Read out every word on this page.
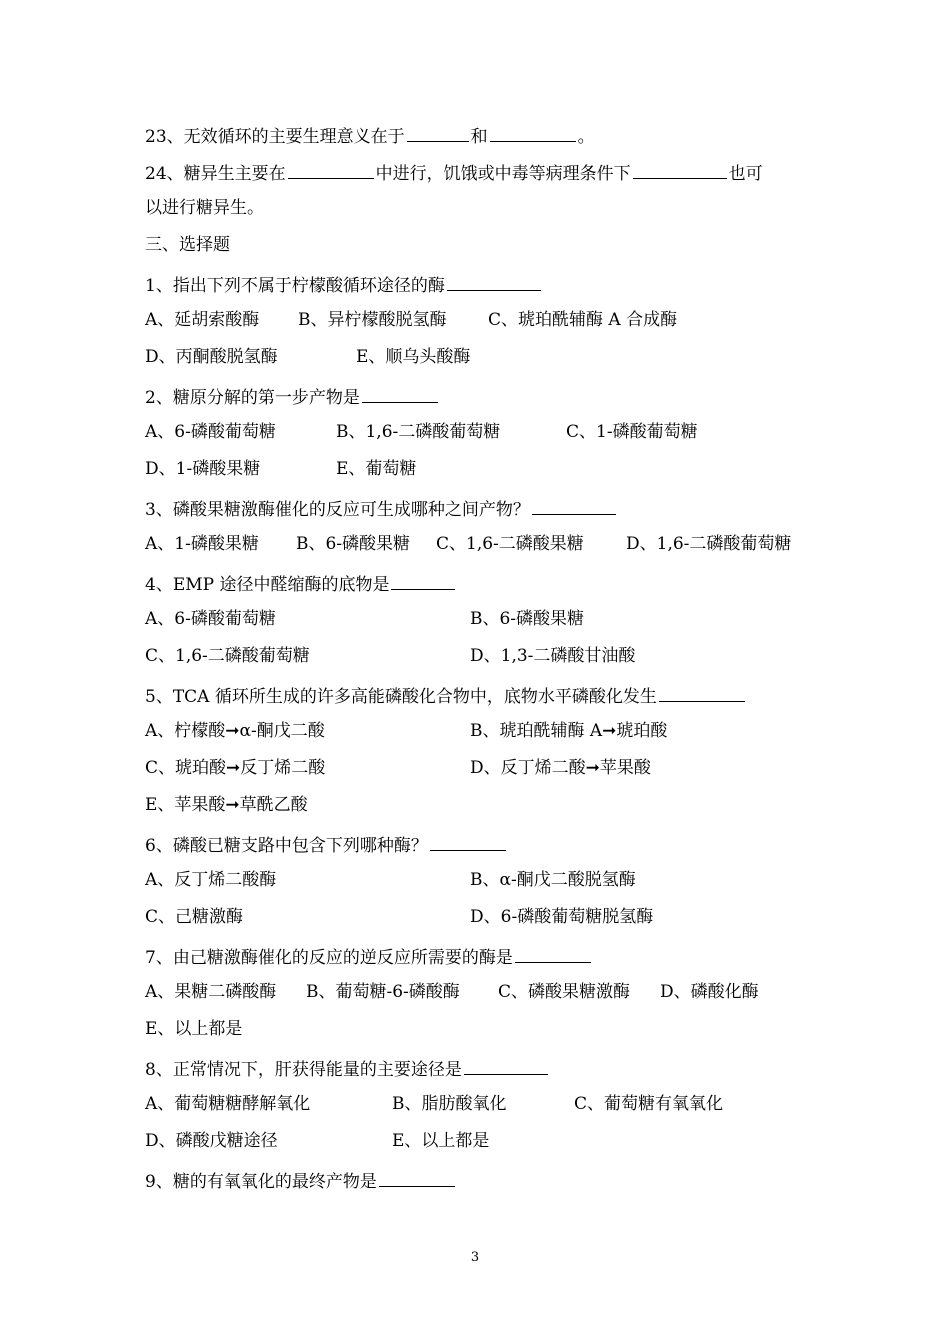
23、无效循环的主要生理意义在于	和	。
24、糖异生主要在	中进行，饥饿或中毒等病理条件下	也可
以进行糖异生。
三、选择题
1、指出下列不属于柠檬酸循环途径的酶
A、延胡索酸酶 B、异柠檬酸脱氢酶 C、琥珀酰辅酶 A 合成酶
D、丙酮酸脱氢酶	E、顺乌头酸酶
2、糖原分解的第一步产物是
A、6-磷酸葡萄糖	B、1,6-二磷酸葡萄糖	C、1-磷酸葡萄糖
D、1-磷酸果糖	E、葡萄糖
3、磷酸果糖激酶催化的反应可生成哪种之间产物？
A、1-磷酸果糖 B、6-磷酸果糖 C、1,6-二磷酸果糖 D、1,6-二磷酸葡萄糖
4、EMP 途径中醛缩酶的底物是
A、6-磷酸葡萄糖	B、6-磷酸果糖
C、1,6-二磷酸葡萄糖	D、1,3-二磷酸甘油酸
5、TCA 循环所生成的许多高能磷酸化合物中，底物水平磷酸化发生
A、柠檬酸➞α-酮戊二酸	B、琥珀酰辅酶 A➞琥珀酸
C、琥珀酸➞反丁烯二酸	D、反丁烯二酸➞苹果酸
E、苹果酸➞草酰乙酸
6、磷酸已糖支路中包含下列哪种酶？
A、反丁烯二酸酶	B、α-酮戊二酸脱氢酶
C、己糖激酶	D、6-磷酸葡萄糖脱氢酶
7、由己糖激酶催化的反应的逆反应所需要的酶是
A、果糖二磷酸酶 B、葡萄糖-6-磷酸酶 C、磷酸果糖激酶 D、磷酸化酶
E、以上都是
8、正常情况下，肝获得能量的主要途径是
A、葡萄糖糖酵解氧化	B、脂肪酸氧化	C、葡萄糖有氧氧化
D、磷酸戊糖途径	E、以上都是
9、糖的有氧氧化的最终产物是
3
